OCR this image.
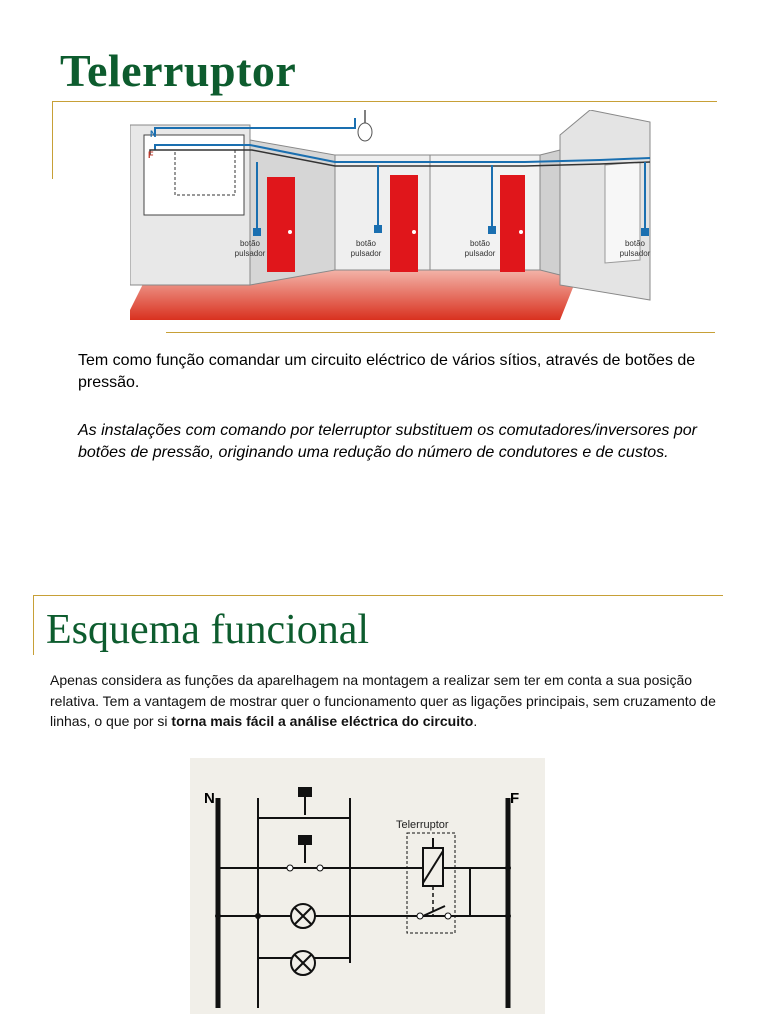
Telerruptor
N
F
botão
pulsador
botão
pulsador
botão
pulsador
botão
pulsador
Tem como função comandar um circuito eléctrico de vários sítios, através de botões de pressão.
As instalações com comando por telerruptor substituem os comutadores/inversores por botões de pressão, originando uma redução do número de condutores e de custos.
Esquema funcional
Apenas considera as funções da aparelhagem na montagem a realizar sem ter em conta a sua posição relativa. Tem a vantagem de mostrar quer o funcionamento quer as ligações principais, sem cruzamento de linhas, o que por si torna mais fácil a análise eléctrica do circuito.
N	F
Telerruptor
